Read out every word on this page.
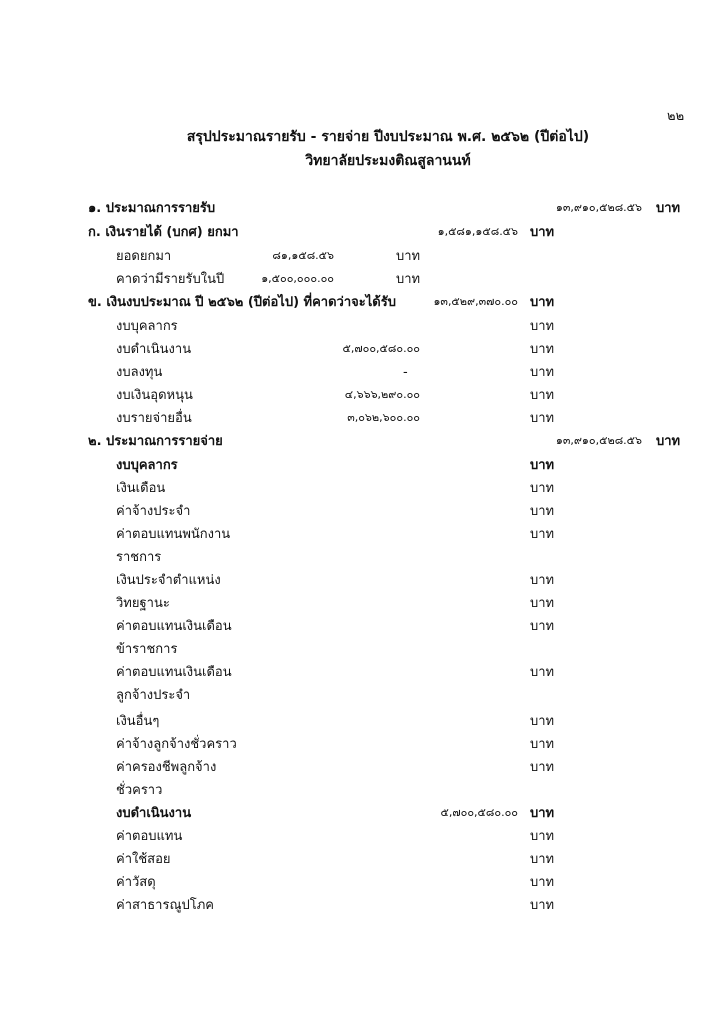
๒๒
สรุปประมาณรายรับ - รายจ่าย ปีงบประมาณ พ.ศ. ๒๕๖๒ (ปีต่อไป)
วิทยาลัยประมงติณสูลานนท์
๑. ประมาณการรายรับ	๑๓,๙๑๐,๕๒๘.๕๖ บาท
ก. เงินรายได้ (บกศ) ยกมา	๑,๕๘๑,๑๕๘.๕๖ บาท
ยอดยกมา	๘๑,๑๕๘.๕๖	บาท
คาดว่ามีรายรับในปี	๑,๕๐๐,๐๐๐.๐๐	บาท
ข. เงินงบประมาณ ปี ๒๕๖๒ (ปีต่อไป) ที่คาดว่าจะได้รับ	๑๓,๕๒๙,๓๗๐.๐๐ บาท
งบบุคลากร	บาท
งบดำเนินงาน	๕,๗๐๐,๕๘๐.๐๐	บาท
งบลงทุน	-	บาท
งบเงินอุดหนุน	๔,๖๖๖,๒๙๐.๐๐	บาท
งบรายจ่ายอื่น	๓,๐๖๒,๖๐๐.๐๐	บาท
๒. ประมาณการรายจ่าย	๑๓,๙๑๐,๕๒๘.๕๖ บาท
งบบุคลากร	บาท
เงินเดือน	บาท
ค่าจ้างประจำ	บาท
ค่าตอบแทนพนักงาน	บาท
ราชการ
เงินประจำตำแหน่ง	บาท
วิทยฐานะ	บาท
ค่าตอบแทนเงินเดือน	บาท
ข้าราชการ
ค่าตอบแทนเงินเดือน	บาท
ลูกจ้างประจำ
เงินอื่นๆ	บาท
ค่าจ้างลูกจ้างชั่วคราว	บาท
ค่าครองชีพลูกจ้าง	บาท
ชั่วคราว
งบดำเนินงาน	๕,๗๐๐,๕๘๐.๐๐ บาท
ค่าตอบแทน	บาท
ค่าใช้สอย	บาท
ค่าวัสดุ	บาท
ค่าสาธารณูปโภค	บาท
